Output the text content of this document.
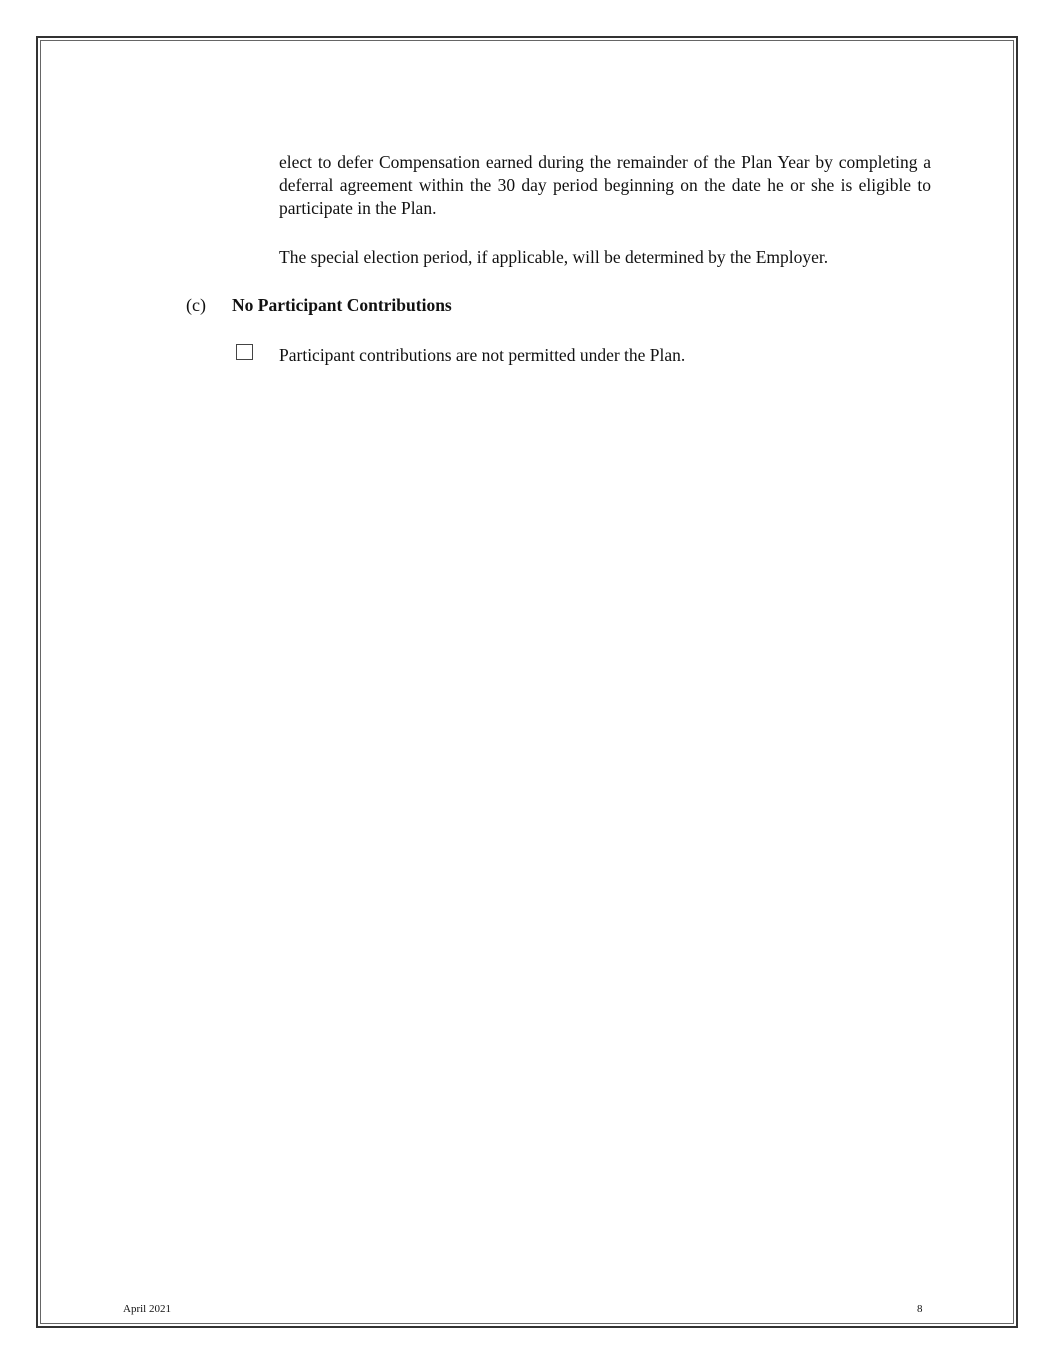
elect to defer Compensation earned during the remainder of the Plan Year by completing a deferral agreement within the 30 day period beginning on the date he or she is eligible to participate in the Plan.
The special election period, if applicable, will be determined by the Employer.
(c) No Participant Contributions
Participant contributions are not permitted under the Plan.
April 2021	8
